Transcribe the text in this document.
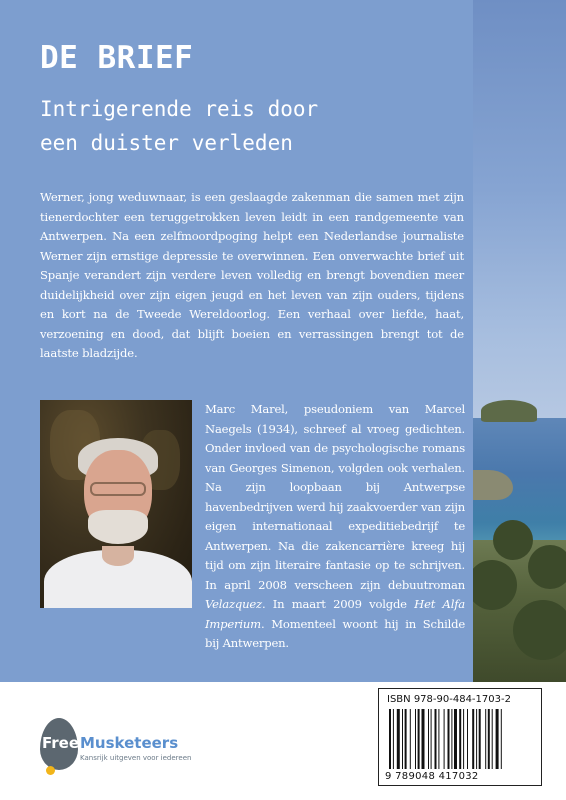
DE BRIEF
Intrigerende reis door
een duister verleden

Werner, jong weduwnaar, is een geslaagde zakenman die samen met zijn tienerdochter een teruggetrokken leven leidt in een randgemeente van Antwerpen. Na een zelfmoordpoging helpt een Nederlandse journaliste Werner zijn ernstige depressie te overwinnen. Een onverwachte brief uit Spanje verandert zijn verdere leven volledig en brengt bovendien meer duidelijkheid over zijn eigen jeugd en het leven van zijn ouders, tijdens en kort na de Tweede Wereldoorlog. Een verhaal over liefde, haat, verzoening en dood, dat blijft boeien en verrassingen brengt tot de laatste bladzijde.

Marc Marel, pseudoniem van Marcel Naegels (1934), schreef al vroeg gedichten. Onder invloed van de psychologische romans van Georges Simenon, volgden ook verhalen. Na zijn loopbaan bij Antwerpse havenbedrijven werd hij zaakvoerder van zijn eigen internationaal expeditiebedrijf te Antwerpen. Na die zakencarrière kreeg hij tijd om zijn literaire fantasie op te schrijven. In april 2008 verscheen zijn debuutroman Velazquez. In maart 2009 volgde Het Alfa Imperium. Momenteel woont hij in Schilde bij Antwerpen.

Free Musketeers
Kansrijk uitgeven voor iedereen
ISBN 978-90-484-1703-2
9 789048 417032
